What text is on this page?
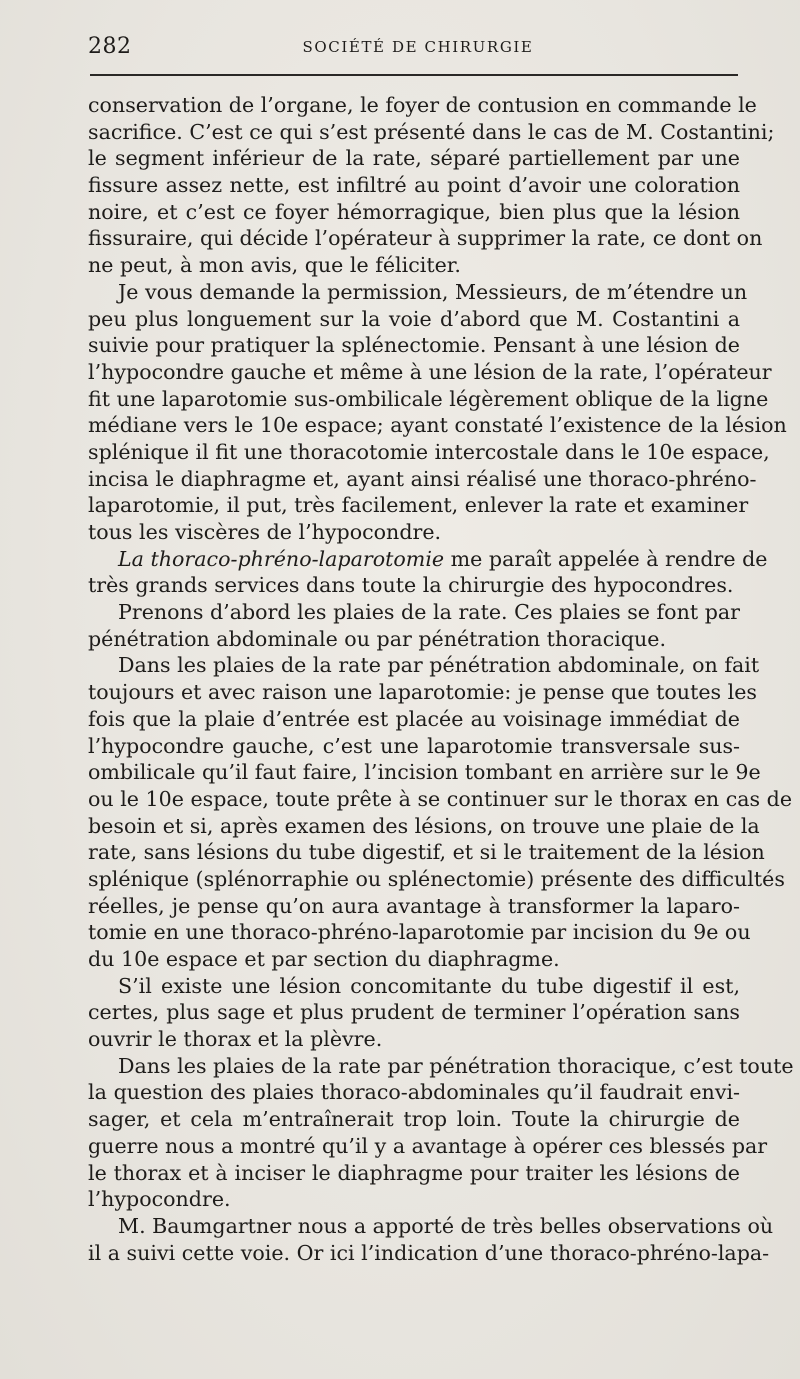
282	SOCIÉTÉ DE CHIRURGIE
conservation de l’organe, le foyer de contusion en commande le
sacrifice. C’est ce qui s’est présenté dans le cas de M. Costantini;
le segment inférieur de la rate, séparé partiellement par une
fissure assez nette, est infiltré au point d’avoir une coloration
noire, et c’est ce foyer hémorragique, bien plus que la lésion
fissuraire, qui décide l’opérateur à supprimer la rate, ce dont on
ne peut, à mon avis, que le féliciter.
Je vous demande la permission, Messieurs, de m’étendre un
peu plus longuement sur la voie d’abord que M. Costantini a
suivie pour pratiquer la splénectomie. Pensant à une lésion de
l’hypocondre gauche et même à une lésion de la rate, l’opérateur
fit une laparotomie sus-ombilicale légèrement oblique de la ligne
médiane vers le 10e espace; ayant constaté l’existence de la lésion
splénique il fit une thoracotomie intercostale dans le 10e espace,
incisa le diaphragme et, ayant ainsi réalisé une thoraco-phréno-
laparotomie, il put, très facilement, enlever la rate et examiner
tous les viscères de l’hypocondre.
La thoraco-phréno-laparotomie me paraît appelée à rendre de
très grands services dans toute la chirurgie des hypocondres.
Prenons d’abord les plaies de la rate. Ces plaies se font par
pénétration abdominale ou par pénétration thoracique.
Dans les plaies de la rate par pénétration abdominale, on fait
toujours et avec raison une laparotomie: je pense que toutes les
fois que la plaie d’entrée est placée au voisinage immédiat de
l’hypocondre gauche, c’est une laparotomie transversale sus-
ombilicale qu’il faut faire, l’incision tombant en arrière sur le 9e
ou le 10e espace, toute prête à se continuer sur le thorax en cas de
besoin et si, après examen des lésions, on trouve une plaie de la
rate, sans lésions du tube digestif, et si le traitement de la lésion
splénique (splénorraphie ou splénectomie) présente des difficultés
réelles, je pense qu’on aura avantage à transformer la laparo-
tomie en une thoraco-phréno-laparotomie par incision du 9e ou
du 10e espace et par section du diaphragme.
S’il existe une lésion concomitante du tube digestif il est,
certes, plus sage et plus prudent de terminer l’opération sans
ouvrir le thorax et la plèvre.
Dans les plaies de la rate par pénétration thoracique, c’est toute
la question des plaies thoraco-abdominales qu’il faudrait envi-
sager, et cela m’entraînerait trop loin. Toute la chirurgie de
guerre nous a montré qu’il y a avantage à opérer ces blessés par
le thorax et à inciser le diaphragme pour traiter les lésions de
l’hypocondre.
M. Baumgartner nous a apporté de très belles observations où
il a suivi cette voie. Or ici l’indication d’une thoraco-phréno-lapa-
